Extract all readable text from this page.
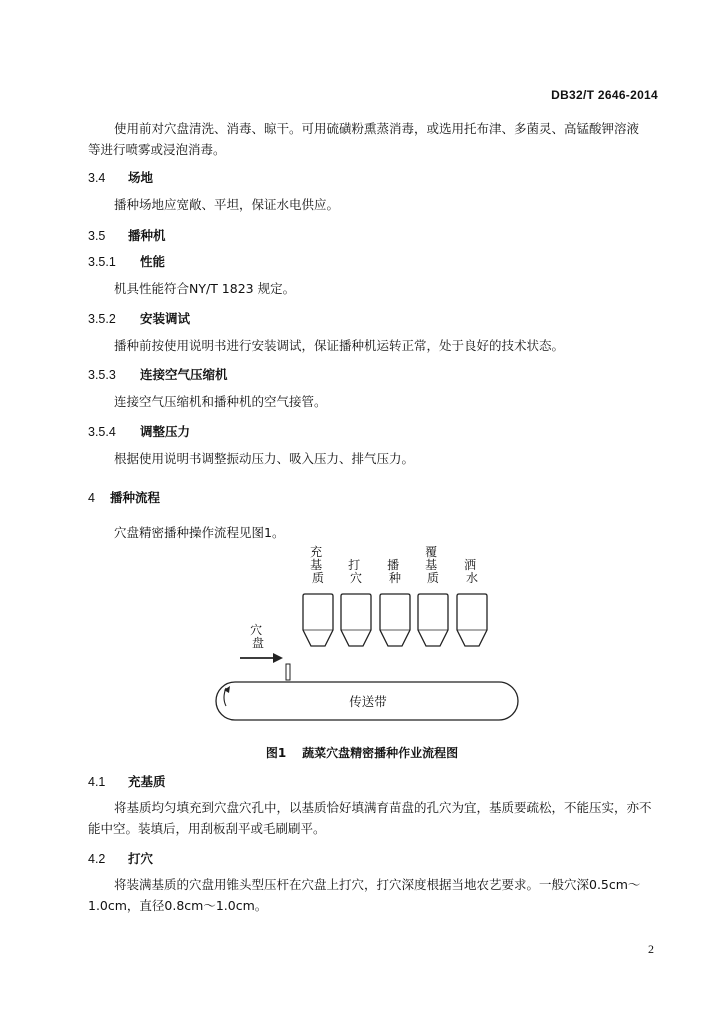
DB32/T 2646-2014
使用前对穴盘清洗、消毒、晾干。可用硫磺粉熏蒸消毒，或选用托布津、多菌灵、高锰酸钾溶液
等进行喷雾或浸泡消毒。
3.4 场地
播种场地应宽敞、平坦，保证水电供应。
3.5 播种机
3.5.1 性能
机具性能符合NY/T 1823 规定。
3.5.2 安装调试
播种前按使用说明书进行安装调试，保证播种机运转正常，处于良好的技术状态。
3.5.3 连接空气压缩机
连接空气压缩机和播种机的空气接管。
3.5.4 调整压力
根据使用说明书调整振动压力、吸入压力、排气压力。
4 播种流程
穴盘精密播种操作流程见图1。
充 基 质
打 穴
播 种
覆 基 质
洒 水
穴 盘
传送带
图1 蔬菜穴盘精密播种作业流程图
4.1 充基质
将基质均匀填充到穴盘穴孔中，以基质恰好填满育苗盘的孔穴为宜，基质要疏松，不能压实，亦不
能中空。装填后，用刮板刮平或毛刷刷平。
4.2 打穴
将装满基质的穴盘用锥头型压杆在穴盘上打穴，打穴深度根据当地农艺要求。一般穴深0.5cm～
1.0cm，直径0.8cm～1.0cm。
2
